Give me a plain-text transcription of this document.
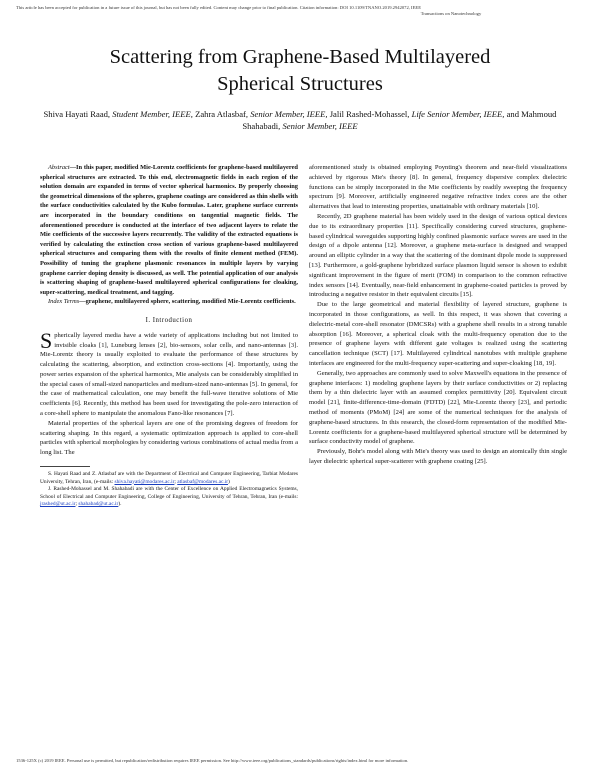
This article has been accepted for publication in a future issue of this journal, but has not been fully edited. Content may change prior to final publication. Citation information: DOI 10.1109/TNANO.2019.2942072, IEEE
Transactions on Nanotechnology
Scattering from Graphene-Based Multilayered
Spherical Structures
Shiva Hayati Raad, Student Member, IEEE, Zahra Atlasbaf, Senior Member, IEEE, Jalil Rashed-Mohassel, Life Senior Member, IEEE, and Mahmoud Shahabadi, Senior Member, IEEE

Abstract—In this paper, modified Mie-Lorentz coefficients for graphene-based multilayered spherical structures are extracted. To this end, electromagnetic fields in each region of the solution domain are expanded in terms of vector spherical harmonics. By properly choosing the geometrical dimensions of the spheres, graphene coatings are considered as thin shells with the surface conductivities calculated by the Kubo formulas. Later, graphene surface currents are incorporated in the boundary conditions on tangential magnetic fields. The aforementioned procedure is conducted at the interface of two adjacent layers to relate the Mie coefficients of the successive layers recurrently. The validity of the extracted equations is verified by calculating the extinction cross section of various graphene-based multilayered spherical structures and comparing them with the results of finite element method (FEM). Possibility of tuning the graphene plasmonic resonances in multiple layers by varying graphene carrier doping density is discussed, as well. The potential application of our analysis is scattering shaping of graphene-based multilayered spherical configurations for cloaking, super-scattering, medical treatment, and tagging.

Index Terms—graphene, multilayered sphere, scattering, modified Mie-Lorentz coefficients.

I. Introduction

Spherically layered media have a wide variety of applications including but not limited to invisible cloaks [1], Luneburg lenses [2], bio-sensors, solar cells, and nano-antennas [3]. Mie-Lorentz theory is usually exploited to evaluate the performance of these structures by calculating the scattering, absorption, and extinction cross-sections [4]. Importantly, using the power series expansion of the spherical harmonics, Mie analysis can be considerably simplified in the special cases of small-sized nanoparticles and medium-sized nano-antennas [5]. In general, for the case of mathematical calculation, one may benefit the full-wave iterative solutions of Mie coefficients [6]. Recently, this method has been used for investigating the pole-zero interaction of a core-shell sphere to manipulate the anomalous Fano-like resonances [7].

Material properties of the spherical layers are one of the promising degrees of freedom for scattering shaping. In this regard, a systematic optimization approach is applied to core-shell particles with spherical morphologies by considering various combinations of actual media from a long list. The

S. Hayati Raad and Z. Atlasbaf are with the Department of Electrical and Computer Engineering, Tarbiat Modares University, Tehran, Iran, (e-mails: shiva.hayati@modares.ac.ir; atlasbaf@modares.ac.ir)

J. Rashed-Mohassel and M. Shahabadi are with the Center of Excellence on Applied Electromagnetics Systems, School of Electrical and Computer Engineering, College of Engineering, University of Tehran, Tehran, Iran (e-mails: jrashed@ut.ac.ir; shahabad@ut.ac.ir).

aforementioned study is obtained employing Poynting's theorem and near-field visualizations achieved by rigorous Mie's theory [8]. In general, frequency dispersive complex dielectric functions can be simply incorporated in the Mie coefficients by readily sweeping the frequency spectrum [9]. Moreover, artificially engineered negative refractive index cores are the other alternatives that lead to interesting properties, unattainable with ordinary materials [10].

Recently, 2D graphene material has been widely used in the design of various optical devices due to its extraordinary properties [11]. Specifically considering curved structures, graphene-based cylindrical waveguides supporting highly confined plasmonic surface waves are used in the design of a dipole antenna [12]. Moreover, a graphene meta-surface is designed and wrapped around an elliptic cylinder in a way that the scattering of the dominant dipole mode is suppressed [13]. Furthermore, a gold-graphene hybridized surface plasmon liquid sensor is shown to exhibit significant improvement in the figure of merit (FOM) in comparison to the common refractive index sensors [14]. Eventually, near-field enhancement in graphene-coated particles is proved by introducing a negative resistor in their equivalent circuits [15].

Due to the large geometrical and material flexibility of layered structure, graphene is incorporated in those configurations, as well. In this respect, it was shown that covering a dielectric-metal core-shell resonator (DMCSRs) with a graphene shell results in a strong tunable absorption [16]. Moreover, a spherical cloak with the multi-frequency operation due to the presence of graphene layers with different gate voltages is realized using the scattering cancellation technique (SCT) [17]. Multilayered cylindrical nanotubes with multiple graphene interfaces are engineered for the multi-frequency super-scattering and super-cloaking [18, 19].

Generally, two approaches are commonly used to solve Maxwell's equations in the presence of graphene interfaces: 1) modeling graphene layers by their surface conductivities or 2) replacing them by a thin dielectric layer with an assumed complex permittivity [20]. Equivalent circuit model [21], finite-difference-time-domain (FDTD) [22], Mie-Lorentz theory [23], and periodic method of moments (PMoM) [24] are some of the numerical techniques for the analysis of graphene-based structures. In this research, the closed-form representation of the modified Mie-Lorentz coefficients for a graphene-based multilayered spherical structure will be determined by surface conductivity model of graphene.

Previously, Bohr's model along with Mie's theory was used to design an atomically thin single layer dielectric spherical super-scatterer with graphene coating [25].

1536-125X (c) 2019 IEEE. Personal use is permitted, but republication/redistribution requires IEEE permission. See http://www.ieee.org/publications_standards/publications/rights/index.html for more information.
